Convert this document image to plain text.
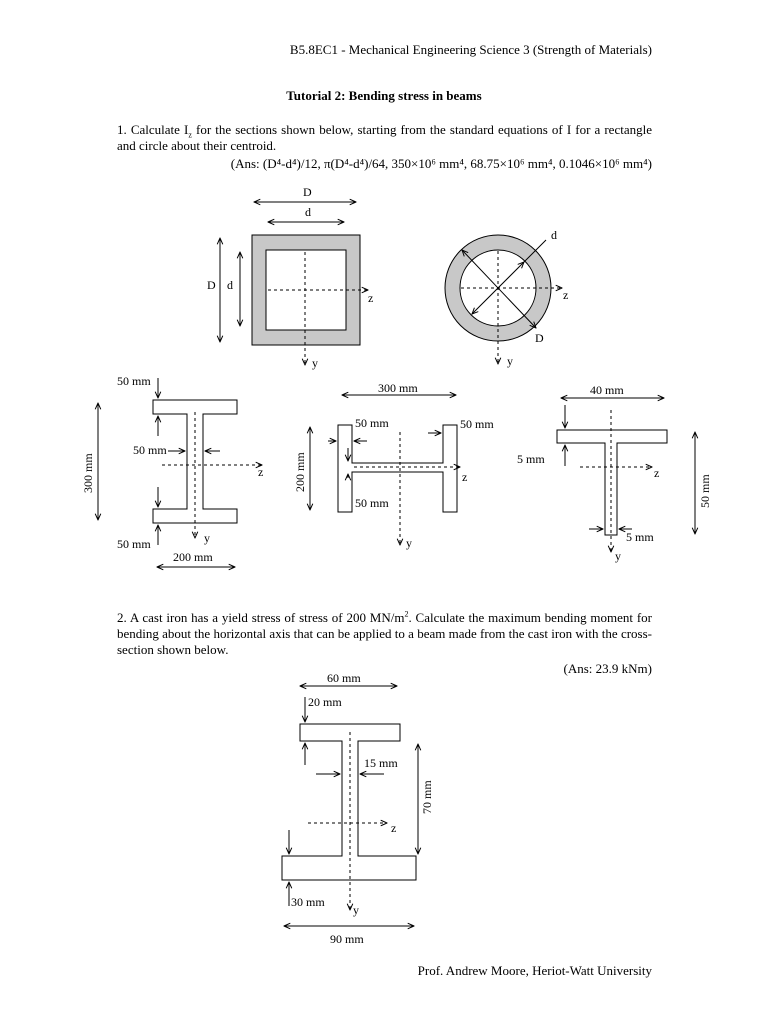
B5.8EC1 - Mechanical Engineering Science 3 (Strength of Materials)
Tutorial 2: Bending stress in beams
1. Calculate $I_z$ for the sections shown below, starting from the standard equations of I for a rectangle and circle about their centroid.
(Ans: (D⁴-d⁴)/12, π(D⁴-d⁴)/64, 350×10⁶ mm⁴, 68.75×10⁶ mm⁴, 0.1046×10⁶ mm⁴)
2. A cast iron has a yield stress of stress of 200 $MN/m^2$. Calculate the maximum bending moment for bending about the horizontal axis that can be applied to a beam made from the cast iron with the cross-section shown below.
(Ans: 23.9 kNm)
Prof. Andrew Moore, Heriot-Watt University
D
d
D d
z
y
d
D
z
y
50 mm
50 mm
50 mm
300 mm
200 mm
z
y
300 mm
50 mm	50 mm
50 mm
200 mm	z
y
40 mm
5 mm
5 mm
50 mm
z
y
60 mm
20 mm
15 mm
70 mm
30 mm
90 mm
z
y
